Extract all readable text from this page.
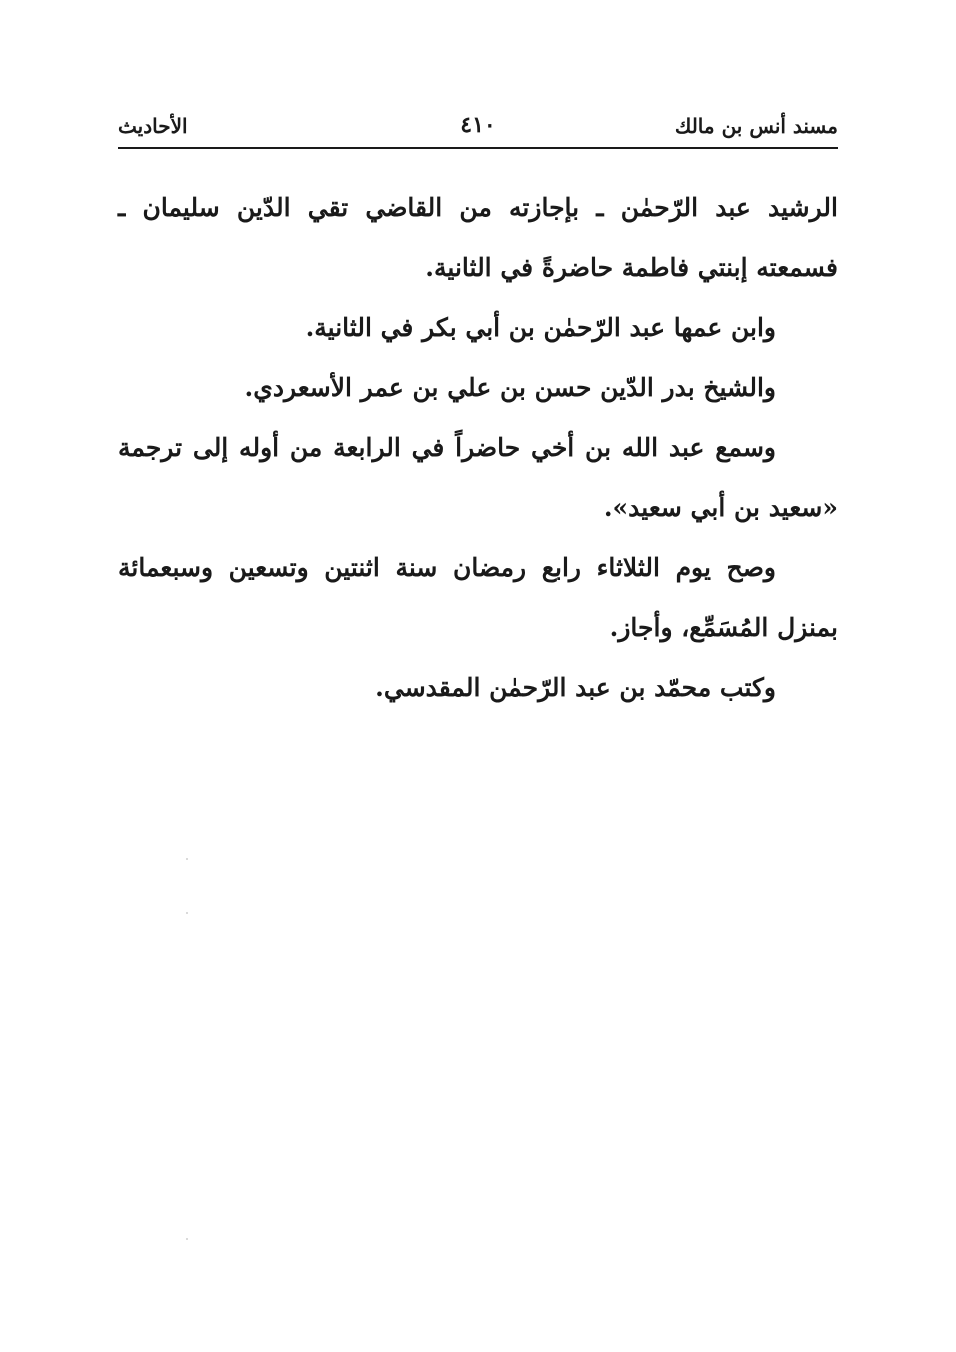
مسند أنس بن مالك
٤١٠
الأحاديث

الرشيد عبد الرّحمٰن ـ بإجازته من القاضي تقي الدّين سليمان ـ فسمعته إبنتي فاطمة حاضرةً في الثانية.

وابن عمها عبد الرّحمٰن بن أبي بكر في الثانية.

والشيخ بدر الدّين حسن بن علي بن عمر الأسعردي.

وسمع عبد الله بن أخي حاضراً في الرابعة من أوله إلى ترجمة «سعيد بن أبي سعيد».

وصح يوم الثلاثاء رابع رمضان سنة اثنتين وتسعين وسبعمائة بمنزل المُسَمِّع، وأجاز.

وكتب محمّد بن عبد الرّحمٰن المقدسي.
